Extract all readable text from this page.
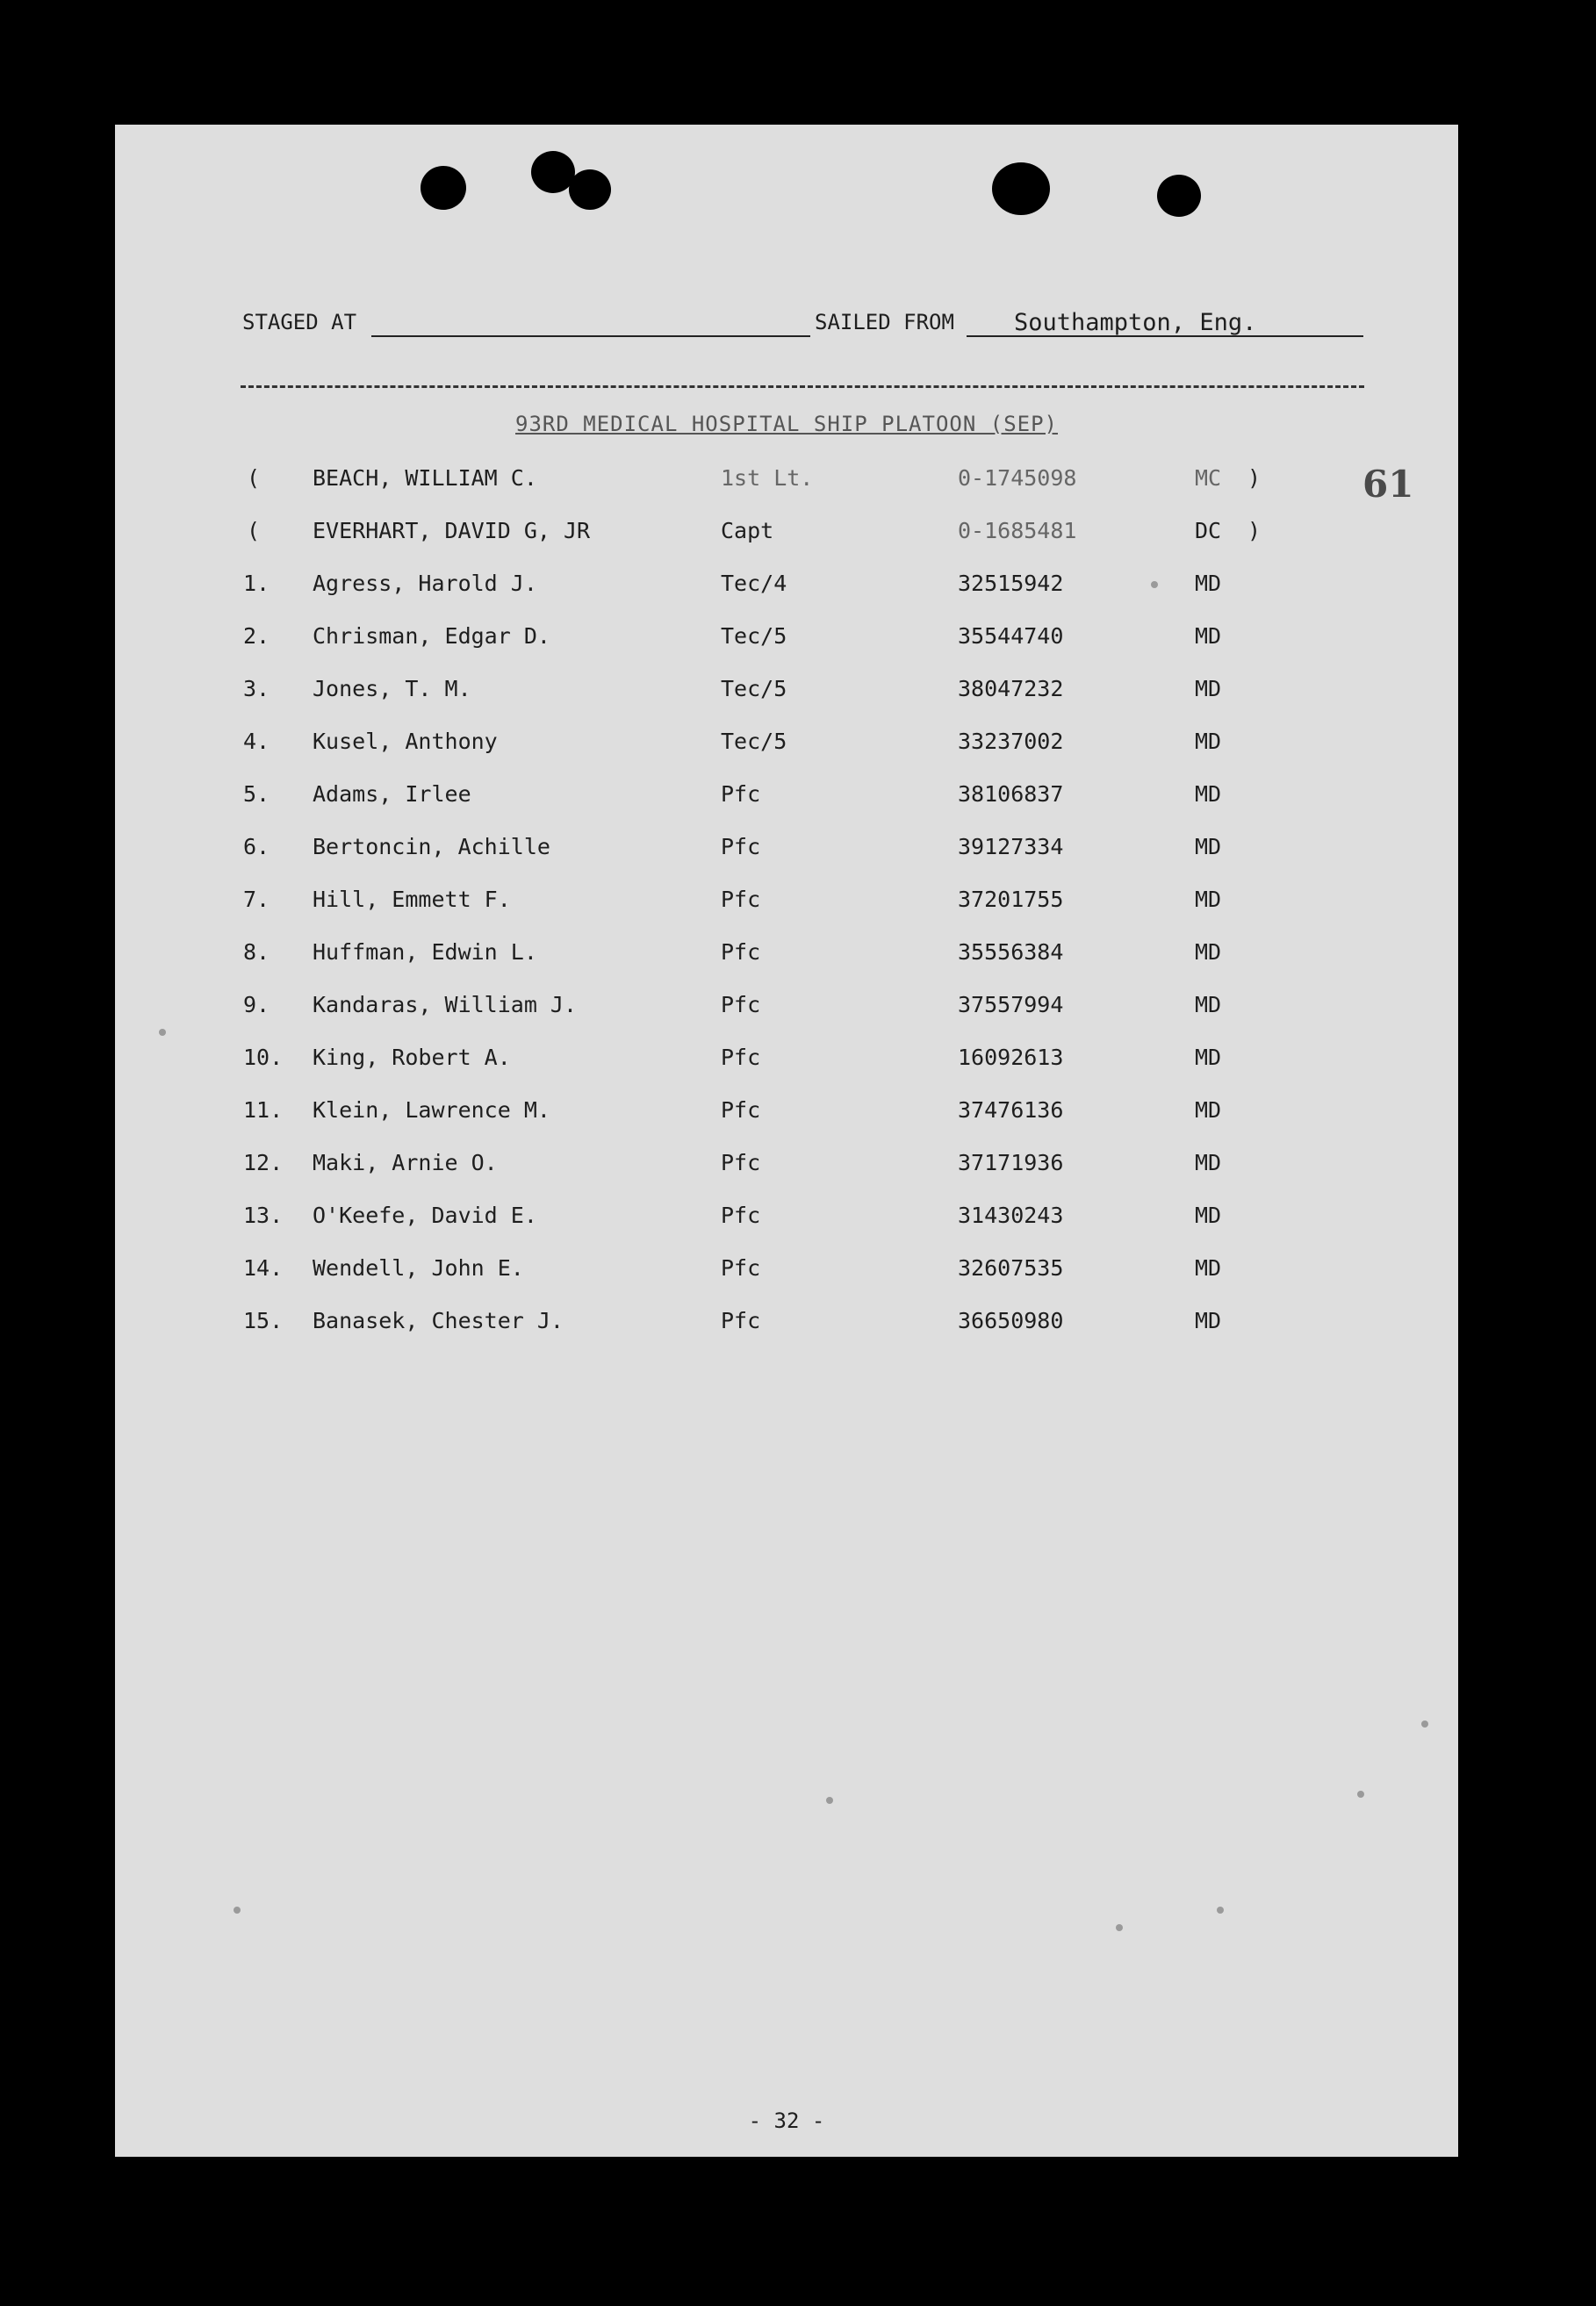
STAGED AT	SAILED FROM	Southampton, Eng.
93RD MEDICAL HOSPITAL SHIP PLATOON (SEP)
61
( BEACH, WILLIAM C.	1st Lt.	0-1745098	MC )
( EVERHART, DAVID G, JR	Capt	0-1685481	DC )
1. Agress, Harold J.	Tec/4	32515942	MD
2. Chrisman, Edgar D.	Tec/5	35544740	MD
3. Jones, T. M.	Tec/5	38047232	MD
4. Kusel, Anthony	Tec/5	33237002	MD
5. Adams, Irlee	Pfc	38106837	MD
6. Bertoncin, Achille	Pfc	39127334	MD
7. Hill, Emmett F.	Pfc	37201755	MD
8. Huffman, Edwin L.	Pfc	35556384	MD
9. Kandaras, William J.	Pfc	37557994	MD
10. King, Robert A.	Pfc	16092613	MD
11. Klein, Lawrence M.	Pfc	37476136	MD
12. Maki, Arnie O.	Pfc	37171936	MD
13. O'Keefe, David E.	Pfc	31430243	MD
14. Wendell, John E.	Pfc	32607535	MD
15. Banasek, Chester J.	Pfc	36650980	MD
- 32 -
